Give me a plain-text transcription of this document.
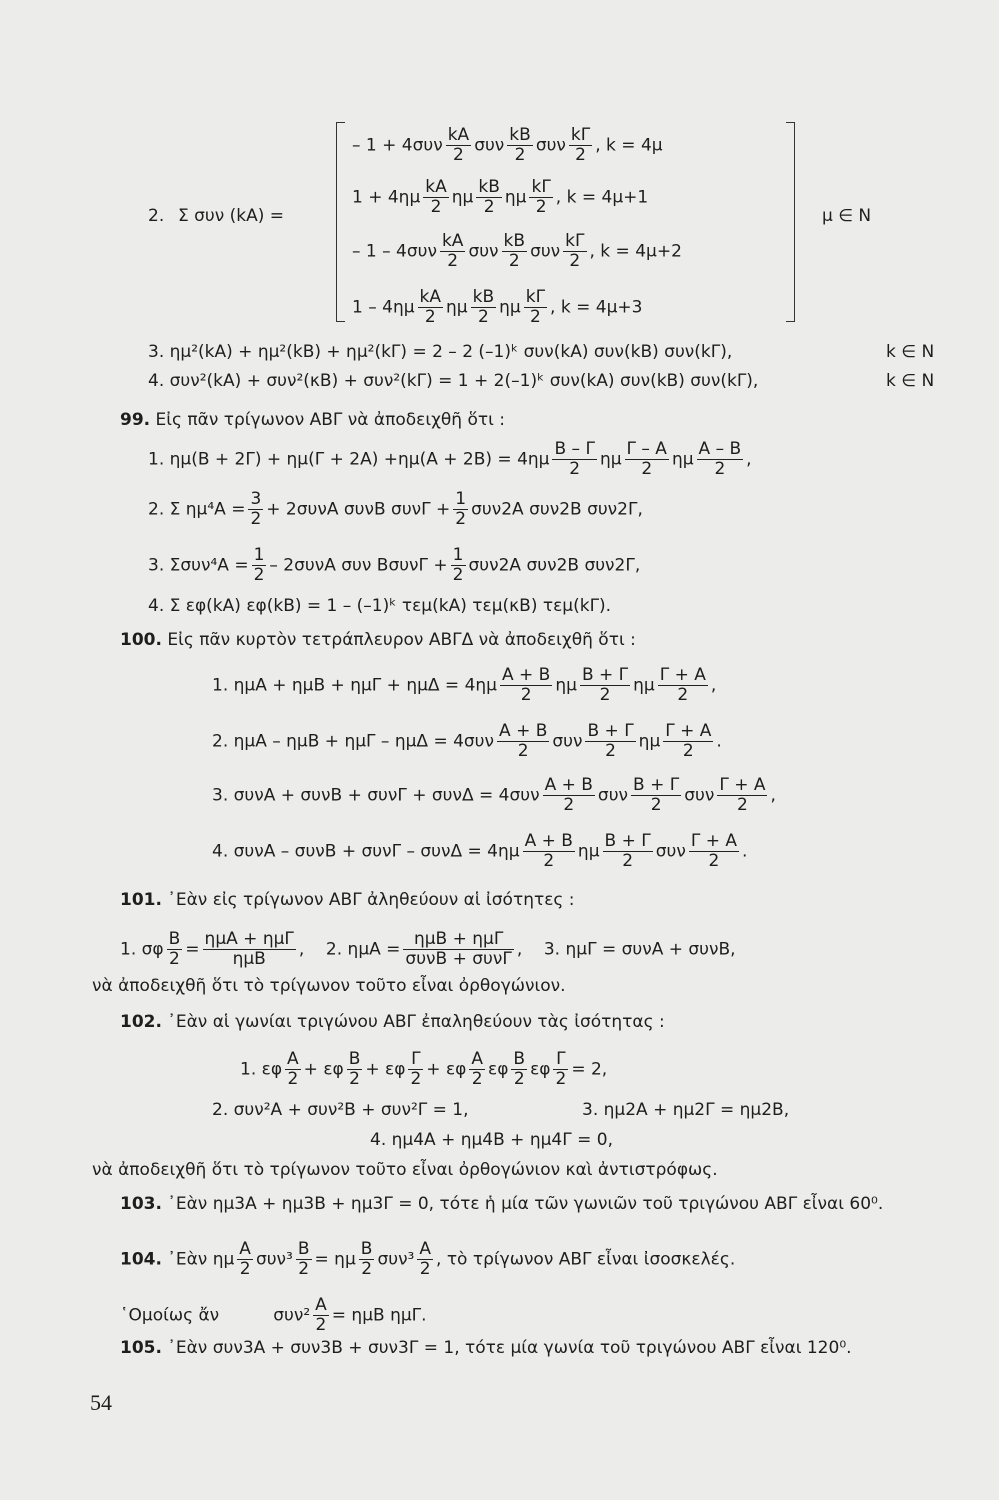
2. Σ συν (kA) =	μ ∈ N
– $1 + 4\sigma\upsilon\nu \frac{kA}{2}$ συν $\frac{kB}{2}$ συν $\frac{k\Gamma}{2}$ , k = 4μ
$1 + 4\eta\mu \frac{kA}{2}$ ημ $\frac{kB}{2}$ ημ $\frac{k\Gamma}{2}$ , k = 4μ+1
– $1 - 4\sigma\upsilon\nu \frac{kA}{2}$ συν $\frac{kB}{2}$ συν $\frac{k\Gamma}{2}$ , k = 4μ+2
$1 - 4\eta\mu \frac{kA}{2}$ ημ $\frac{kB}{2}$ ημ $\frac{k\Gamma}{2}$ , k = 4μ+3
3. ημ²(kA) + ημ²(kB) + ημ²(kΓ) = 2 – 2 (–1)ᵏ συν(kA) συν(kB) συν(kΓ),	k ∈ N
4. συν²(kA) + συν²(κB) + συν²(kΓ) = 1 + 2(–1)ᵏ συν(kA) συν(kB) συν(kΓ),	k ∈ N
99. Εἰς πᾶν τρίγωνον ΑΒΓ νὰ ἀποδειχθῆ ὅτι :
1. $\eta\mu(B + 2\Gamma) + \eta\mu(\Gamma + 2A) +\eta\mu(A + 2B) = 4\eta\mu \frac{B - \Gamma}{2}$ ημ $\frac{\Gamma - A}{2}$ ημ $\frac{A - B}{2}$ ,
2. Σ $\eta\mu^4A = \frac{3}{2} + 2\sigma\upsilon\nu A$ συνB $\sigma\upsilon\nu\Gamma + \frac{1}{2} \sigma\upsilon\nu 2A$ συν2B συν2Γ,
3. $\Sigma\sigma\upsilon\nu^4A = \frac{1}{2} - 2\sigma\upsilon\nu A$ συν $B\sigma\upsilon\nu\Gamma + \frac{1}{2} \sigma\upsilon\nu 2A$ συν2B συν2Γ,
4. Σ εφ(kA) εφ(kB) = 1 – (–1)ᵏ τεμ(kA) τεμ(κB) τεμ(kΓ).
100. Εἰς πᾶν κυρτὸν τετράπλευρον ΑΒΓΔ νὰ ἀποδειχθῆ ὅτι :
1. $\eta\mu A + \eta\mu B + \eta\mu\Gamma + \eta\mu\Delta = 4\eta\mu \frac{A + B}{2}$ ημ $\frac{B + \Gamma}{2}$ ημ $\frac{\Gamma + A}{2}$ ,
2. $\eta\mu A - \eta\mu B + \eta\mu\Gamma - \eta\mu\Delta = 4\sigma\upsilon\nu \frac{A + B}{2}$ συν $\frac{B + \Gamma}{2}$ ημ $\frac{\Gamma + A}{2}$ .
3. $\sigma\upsilon\nu A + \sigma\upsilon\nu B + \sigma\upsilon\nu\Gamma + \sigma\upsilon\nu\Delta = 4\sigma\upsilon\nu \frac{A + B}{2}$ συν $\frac{B + \Gamma}{2}$ συν $\frac{\Gamma + A}{2}$ ,
4. $\sigma\upsilon\nu A - \sigma\upsilon\nu B + \sigma\upsilon\nu\Gamma - \sigma\upsilon\nu\Delta = 4\eta\mu \frac{A + B}{2}$ ημ $\frac{B + \Gamma}{2}$ συν $\frac{\Gamma + A}{2}$ .
101. ᾿Εὰν εἰς τρίγωνον ΑΒΓ ἀληθεύουν αἱ ἰσότητες :
1. σφ $\frac{B}{2}$ =
ημA + ημΓ
ημB	, 2. ημA =
ημB + ημΓ
συνB + συνΓ , 3. ημΓ = συνA + συνB,
νὰ ἀποδειχθῆ ὅτι τὸ τρίγωνον τοῦτο εἶναι ὀρθογώνιον.
102. ᾿Εὰν αἱ γωνίαι τριγώνου ΑΒΓ ἐπαληθεύουν τὰς ἰσότητας :
1. εφ $\frac{A}{2} + \varepsilon\varphi \frac{B}{2} + \varepsilon\varphi \frac{\Gamma}{2} + \varepsilon\varphi \frac{A}{2}$ εφ $\frac{B}{2}$ εφ $\frac{\Gamma}{2} = 2$,
2. συν²A + συν²B + συν²Γ = 1,	3. ημ2A + ημ2Γ = ημ2B,
4. ημ4A + ημ4B + ημ4Γ = 0,
νὰ ἀποδειχθῆ ὅτι τὸ τρίγωνον τοῦτο εἶναι ὀρθογώνιον καὶ ἀντιστρόφως.
103. ᾿Εὰν ημ3A + ημ3B + ημ3Γ = 0, τότε ἡ μία τῶν γωνιῶν τοῦ τριγώνου ΑΒΓ εἶναι 60⁰.
104. ᾿Εὰν ημ $\frac{A}{2} \sigma\upsilon\nu^3 \frac{B}{2} = \eta\mu \frac{B}{2} \sigma\upsilon\nu^3 \frac{A}{2}$ , τὸ τρίγωνον ΑΒΓ εἶναι ἰσοσκελές.
῾Ομοίως ἄν	$\sigma\upsilon\nu^2 \frac{A}{2} = \eta\mu B$ ημΓ.
105. ᾿Εὰν συν3A + συν3B + συν3Γ = 1, τότε μία γωνία τοῦ τριγώνου ΑΒΓ εἶναι 120⁰.
54
